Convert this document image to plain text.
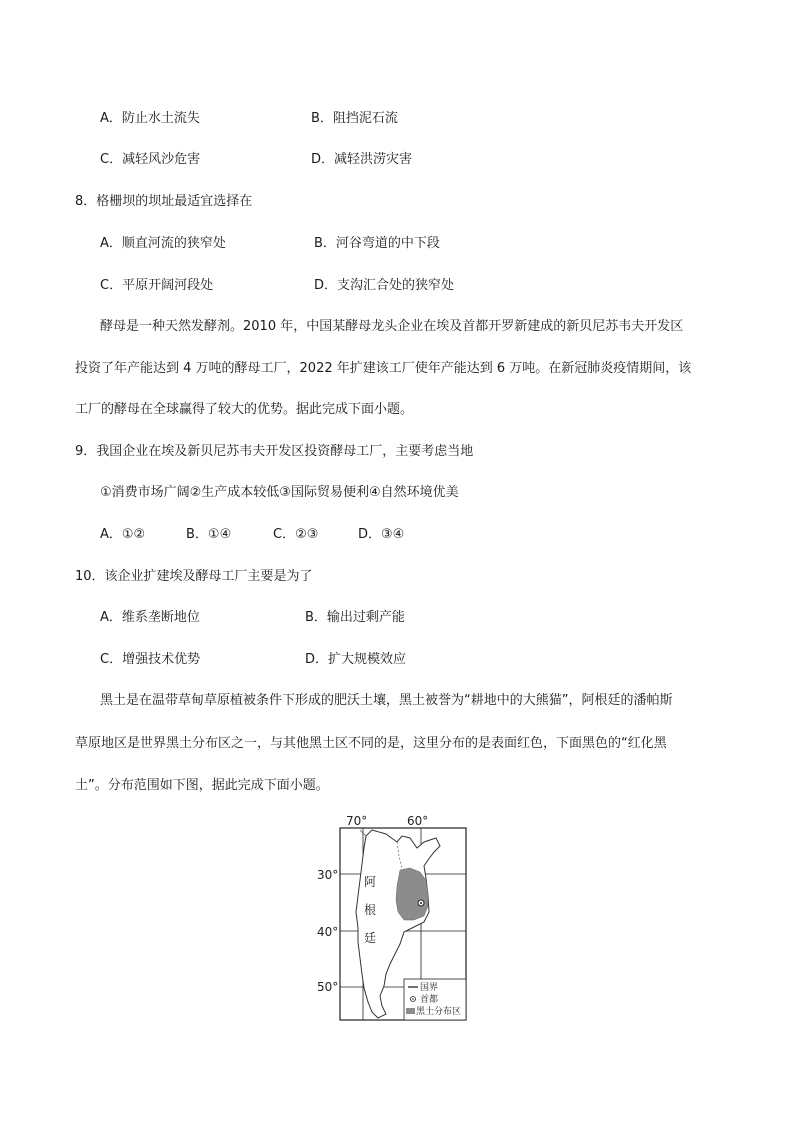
A．防止水土流失	B．阻挡泥石流
C．减轻风沙危害	D．减轻洪涝灾害
8．格栅坝的坝址最适宜选择在
A．顺直河流的狭窄处	B．河谷弯道的中下段
C．平原开阔河段处	D．支沟汇合处的狭窄处
酵母是一种天然发酵剂。2010 年，中国某酵母龙头企业在埃及首都开罗新建成的新贝尼苏韦夫开发区
投资了年产能达到 4 万吨的酵母工厂，2022 年扩建该工厂使年产能达到 6 万吨。在新冠肺炎疫情期间，该
工厂的酵母在全球赢得了较大的优势。据此完成下面小题。
9．我国企业在埃及新贝尼苏韦夫开发区投资酵母工厂，主要考虑当地
①消费市场广阔②生产成本较低③国际贸易便利④自然环境优美
A．①②	B．①④	C．②③	D．③④
10．该企业扩建埃及酵母工厂主要是为了
A．维系垄断地位	B．输出过剩产能
C．增强技术优势	D．扩大规模效应
黑土是在温带草甸草原植被条件下形成的肥沃土壤，黑土被誉为“耕地中的大熊猫”，阿根廷的潘帕斯
草原地区是世界黑土分布区之一，与其他黑土区不同的是，这里分布的是表面红色，下面黑色的“红化黑
土”。分布范围如下图，据此完成下面小题。
70°	60°
30°
40°
50°
阿
根
廷
国界
首都
黑土分布区
